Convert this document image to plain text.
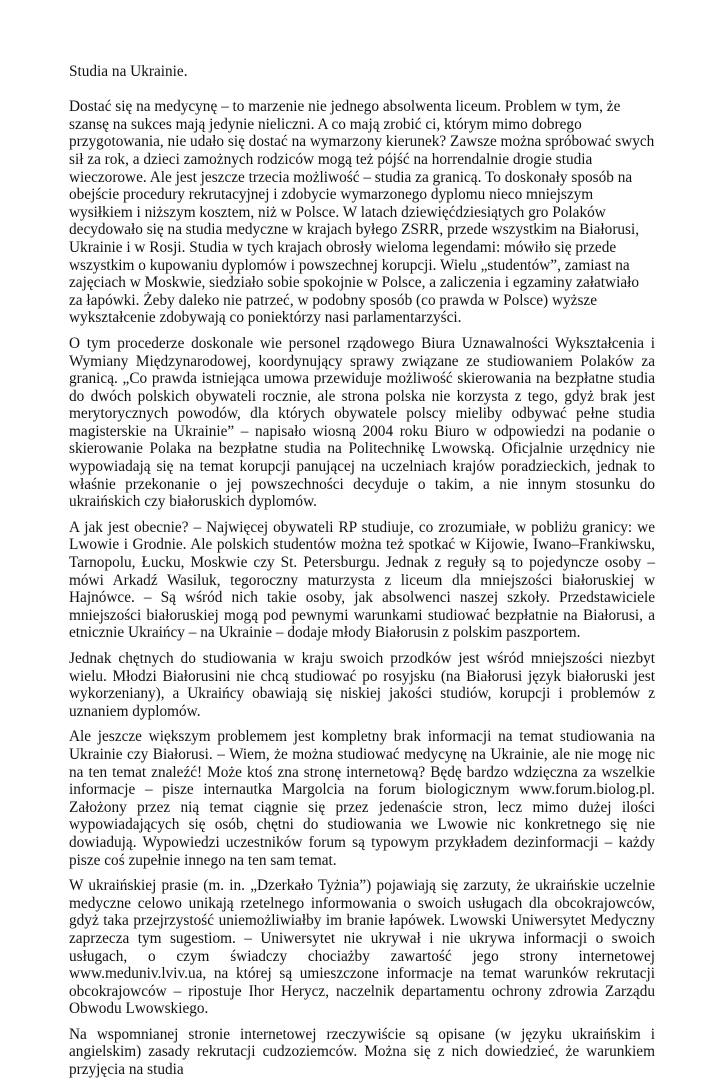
Studia na Ukrainie.

Dostać się na medycynę – to marzenie nie jednego absolwenta liceum. Problem w tym, że szansę na sukces mają jedynie nieliczni. A co mają zrobić ci, którym mimo dobrego przygotowania, nie udało się dostać na wymarzony kierunek? Zawsze można spróbować swych sił za rok, a dzieci zamożnych rodziców mogą też pójść na horrendalnie drogie studia wieczorowe. Ale jest jeszcze trzecia możliwość – studia za granicą. To doskonały sposób na obejście procedury rekrutacyjnej i zdobycie wymarzonego dyplomu nieco mniejszym wysiłkiem i niższym kosztem, niż w Polsce. W latach dziewięćdziesiątych gro Polaków decydowało się na studia medyczne w krajach byłego ZSRR, przede wszystkim na Białorusi, Ukrainie i w Rosji. Studia w tych krajach obrosły wieloma legendami: mówiło się przede wszystkim o kupowaniu dyplomów i powszechnej korupcji. Wielu „studentów”, zamiast na zajęciach w Moskwie, siedziało sobie spokojnie w Polsce, a zaliczenia i egzaminy załatwiało za łapówki. Żeby daleko nie patrzeć, w podobny sposób (co prawda w Polsce) wyższe wykształcenie zdobywają co poniektórzy nasi parlamentarzyści.

O tym procederze doskonale wie personel rządowego Biura Uznawalności Wykształcenia i Wymiany Międzynarodowej, koordynujący sprawy związane ze studiowaniem Polaków za granicą. „Co prawda istniejąca umowa przewiduje możliwość skierowania na bezpłatne studia do dwóch polskich obywateli rocznie, ale strona polska nie korzysta z tego, gdyż brak jest merytorycznych powodów, dla których obywatele polscy mieliby odbywać pełne studia magisterskie na Ukrainie” – napisało wiosną 2004 roku Biuro w odpowiedzi na podanie o skierowanie Polaka na bezpłatne studia na Politechnikę Lwowską. Oficjalnie urzędnicy nie wypowiadają się na temat korupcji panującej na uczelniach krajów poradzieckich, jednak to właśnie przekonanie o jej powszechności decyduje o takim, a nie innym stosunku do ukraińskich czy białoruskich dyplomów.

A jak jest obecnie? – Najwięcej obywateli RP studiuje, co zrozumiałe, w pobliżu granicy: we Lwowie i Grodnie. Ale polskich studentów można też spotkać w Kijowie, Iwano–Frankiwsku, Tarnopolu, Łucku, Moskwie czy St. Petersburgu. Jednak z reguły są to pojedyncze osoby – mówi Arkadź Wasiluk, tegoroczny maturzysta z liceum dla mniejszości białoruskiej w Hajnówce. – Są wśród nich takie osoby, jak absolwenci naszej szkoły. Przedstawiciele mniejszości białoruskiej mogą pod pewnymi warunkami studiować bezpłatnie na Białorusi, a etnicznie Ukraińcy – na Ukrainie – dodaje młody Białorusin z polskim paszportem.

Jednak chętnych do studiowania w kraju swoich przodków jest wśród mniejszości niezbyt wielu. Młodzi Białorusini nie chcą studiować po rosyjsku (na Białorusi język białoruski jest wykorzeniany), a Ukraińcy obawiają się niskiej jakości studiów, korupcji i problemów z uznaniem dyplomów.

Ale jeszcze większym problemem jest kompletny brak informacji na temat studiowania na Ukrainie czy Białorusi. – Wiem, że można studiować medycynę na Ukrainie, ale nie mogę nic na ten temat znaleźć! Może ktoś zna stronę internetową? Będę bardzo wdzięczna za wszelkie informacje – pisze internautka Margolcia na forum biologicznym www.forum.biolog.pl. Założony przez nią temat ciągnie się przez jedenaście stron, lecz mimo dużej ilości wypowiadających się osób, chętni do studiowania we Lwowie nic konkretnego się nie dowiadują. Wypowiedzi uczestników forum są typowym przykładem dezinformacji – każdy pisze coś zupełnie innego na ten sam temat.

W ukraińskiej prasie (m. in. „Dzerkało Tyżnia”) pojawiają się zarzuty, że ukraińskie uczelnie medyczne celowo unikają rzetelnego informowania o swoich usługach dla obcokrajowców, gdyż taka przejrzystość uniemożliwiałby im branie łapówek. Lwowski Uniwersytet Medyczny zaprzecza tym sugestiom. – Uniwersytet nie ukrywał i nie ukrywa informacji o swoich usługach, o czym świadczy chociażby zawartość jego strony internetowej www.meduniv.lviv.ua, na której są umieszczone informacje na temat warunków rekrutacji obcokrajowców – ripostuje Ihor Herycz, naczelnik departamentu ochrony zdrowia Zarządu Obwodu Lwowskiego.

Na wspomnianej stronie internetowej rzeczywiście są opisane (w języku ukraińskim i angielskim) zasady rekrutacji cudzoziemców. Można się z nich dowiedzieć, że warunkiem przyjęcia na studia
